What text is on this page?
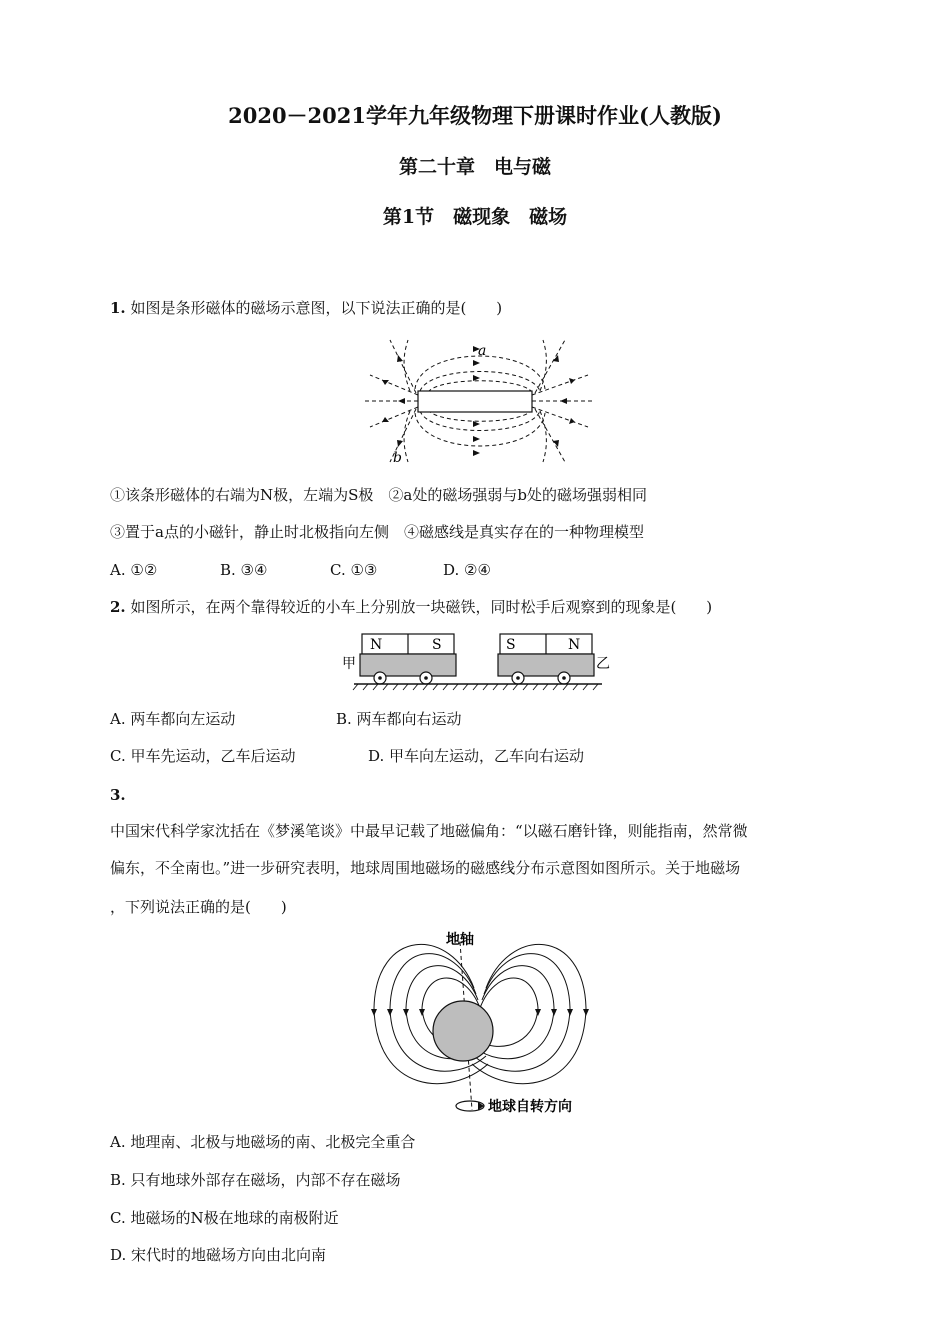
2020－2021学年九年级物理下册课时作业(人教版)
第二十章　电与磁
第1节　磁现象　磁场
1. 如图是条形磁体的磁场示意图，以下说法正确的是(　　)
a
b
①该条形磁体的右端为N极，左端为S极　②a处的磁场强弱与b处的磁场强弱相同
③置于a点的小磁针，静止时北极指向左侧　④磁感线是真实存在的一种物理模型
A. ①②	B. ③④	C. ①③	D. ②④
2. 如图所示，在两个靠得较近的小车上分别放一块磁铁，同时松手后观察到的现象是(　　)
N	S	S	N
甲	乙
A. 两车都向左运动	B. 两车都向右运动
C. 甲车先运动，乙车后运动	D. 甲车向左运动，乙车向右运动
3.
中国宋代科学家沈括在《梦溪笔谈》中最早记载了地磁偏角：“以磁石磨针锋，则能指南，然常微
偏东，不全南也。”进一步研究表明，地球周围地磁场的磁感线分布示意图如图所示。关于地磁场
，下列说法正确的是(　　)
地轴
地球自转方向
A. 地理南、北极与地磁场的南、北极完全重合
B. 只有地球外部存在磁场，内部不存在磁场
C. 地磁场的N极在地球的南极附近
D. 宋代时的地磁场方向由北向南
